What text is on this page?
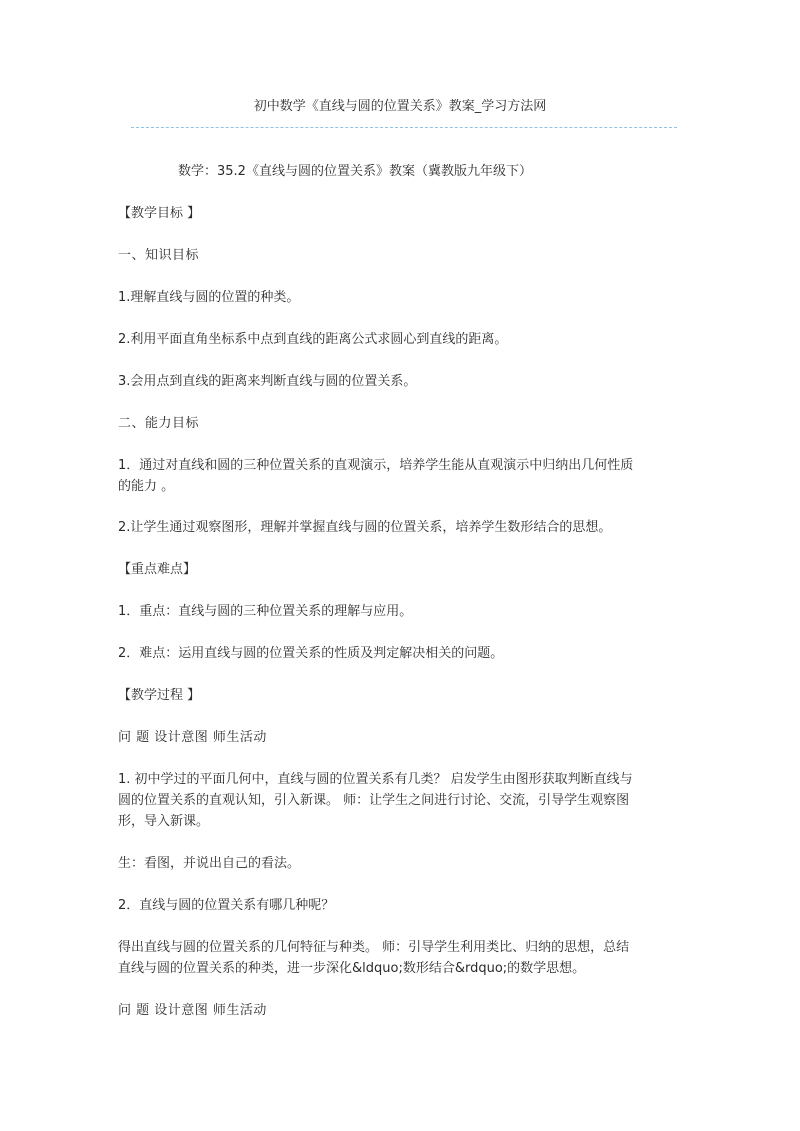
初中数学《直线与圆的位置关系》教案_学习方法网

数学：35.2《直线与圆的位置关系》教案（冀教版九年级下）

【教学目标 】

一、知识目标

1.理解直线与圆的位置的种类。

2.利用平面直角坐标系中点到直线的距离公式求圆心到直线的距离。

3.会用点到直线的距离来判断直线与圆的位置关系。

二、能力目标

1．通过对直线和圆的三种位置关系的直观演示，培养学生能从直观演示中归纳出几何性质

的能力 。

2.让学生通过观察图形，理解并掌握直线与圆的位置关系，培养学生数形结合的思想。

【重点难点】

1．重点：直线与圆的三种位置关系的理解与应用。

2．难点：运用直线与圆的位置关系的性质及判定解决相关的问题。

【教学过程 】

问 题 设计意图 师生活动

1. 初中学过的平面几何中，直线与圆的位置关系有几类？ 启发学生由图形获取判断直线与

圆的位置关系的直观认知，引入新课。 师：让学生之间进行讨论、交流，引导学生观察图

形，导入新课。

生：看图，并说出自己的看法。

2．直线与圆的位置关系有哪几种呢？

得出直线与圆的位置关系的几何特征与种类。 师：引导学生利用类比、归纳的思想，总结

直线与圆的位置关系的种类，进一步深化&ldquo;数形结合&rdquo;的数学思想。

问 题 设计意图 师生活动
